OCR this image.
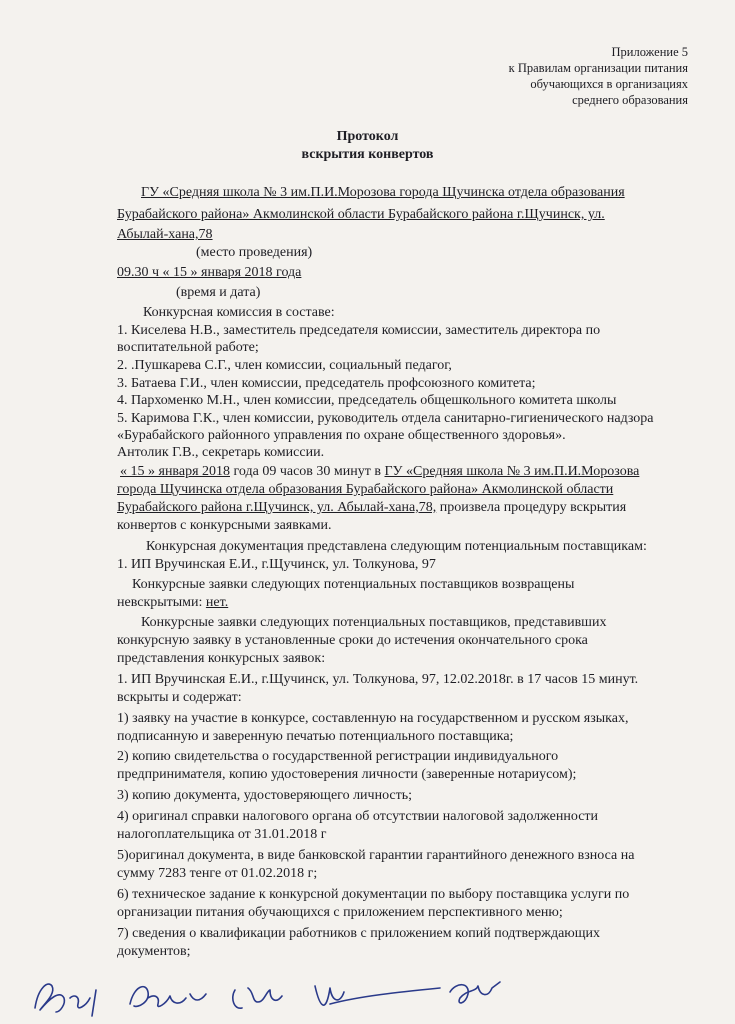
Приложение 5
к Правилам организации питания
обучающихся в организациях
среднего образования
Протокол
вскрытия конвертов
ГУ «Средняя школа № 3 им.П.И.Морозова города Щучинска отдела образования
Бурабайского района» Акмолинской области Бурабайского района г.Щучинск, ул.
Абылай-хана,78
(место проведения)
09.30 ч « 15 » января 2018 года
(время и дата)
Конкурсная комиссия в составе:
1. Киселева Н.В., заместитель председателя комиссии, заместитель директора по
воспитательной работе;
2. .Пушкарева С.Г., член комиссии, социальный педагог,
3. Батаева Г.И., член комиссии, председатель профсоюзного комитета;
4. Пархоменко М.Н., член комиссии, председатель общешкольного комитета школы
5. Каримова Г.К., член комиссии, руководитель отдела санитарно-гигиенического надзора
«Бурабайского районного управления по охране общественного здоровья».
Антолик Г.В., секретарь комиссии.
« 15 » января 2018 года 09 часов 30 минут в ГУ «Средняя школа № 3 им.П.И.Морозова
города Щучинска отдела образования Бурабайского района» Акмолинской области
Бурабайского района г.Щучинск, ул. Абылай-хана,78, произвела процедуру вскрытия
конвертов с конкурсными заявками.
Конкурсная документация представлена следующим потенциальным поставщикам:
1. ИП Вручинская Е.И., г.Щучинск, ул. Толкунова, 97
Конкурсные заявки следующих потенциальных поставщиков возвращены
невскрытыми: нет.
Конкурсные заявки следующих потенциальных поставщиков, представивших
конкурсную заявку в установленные сроки до истечения окончательного срока
представления конкурсных заявок:
1. ИП Вручинская Е.И., г.Щучинск, ул. Толкунова, 97, 12.02.2018г. в 17 часов 15 минут.
вскрыты и содержат:
1) заявку на участие в конкурсе, составленную на государственном и русском языках,
подписанную и заверенную печатью потенциального поставщика;
2) копию свидетельства о государственной регистрации индивидуального
предпринимателя, копию удостоверения личности (заверенные нотариусом);
3) копию документа, удостоверяющего личность;
4) оригинал справки налогового органа об отсутствии налоговой задолженности
налогоплательщика от 31.01.2018 г
5)оригинал документа, в виде банковской гарантии гарантийного денежного взноса на
сумму 7283 тенге от 01.02.2018 г;
6) техническое задание к конкурсной документации по выбору поставщика услуги по
организации питания обучающихся с приложением перспективного меню;
7) сведения о квалификации работников с приложением копий подтверждающих
документов;
